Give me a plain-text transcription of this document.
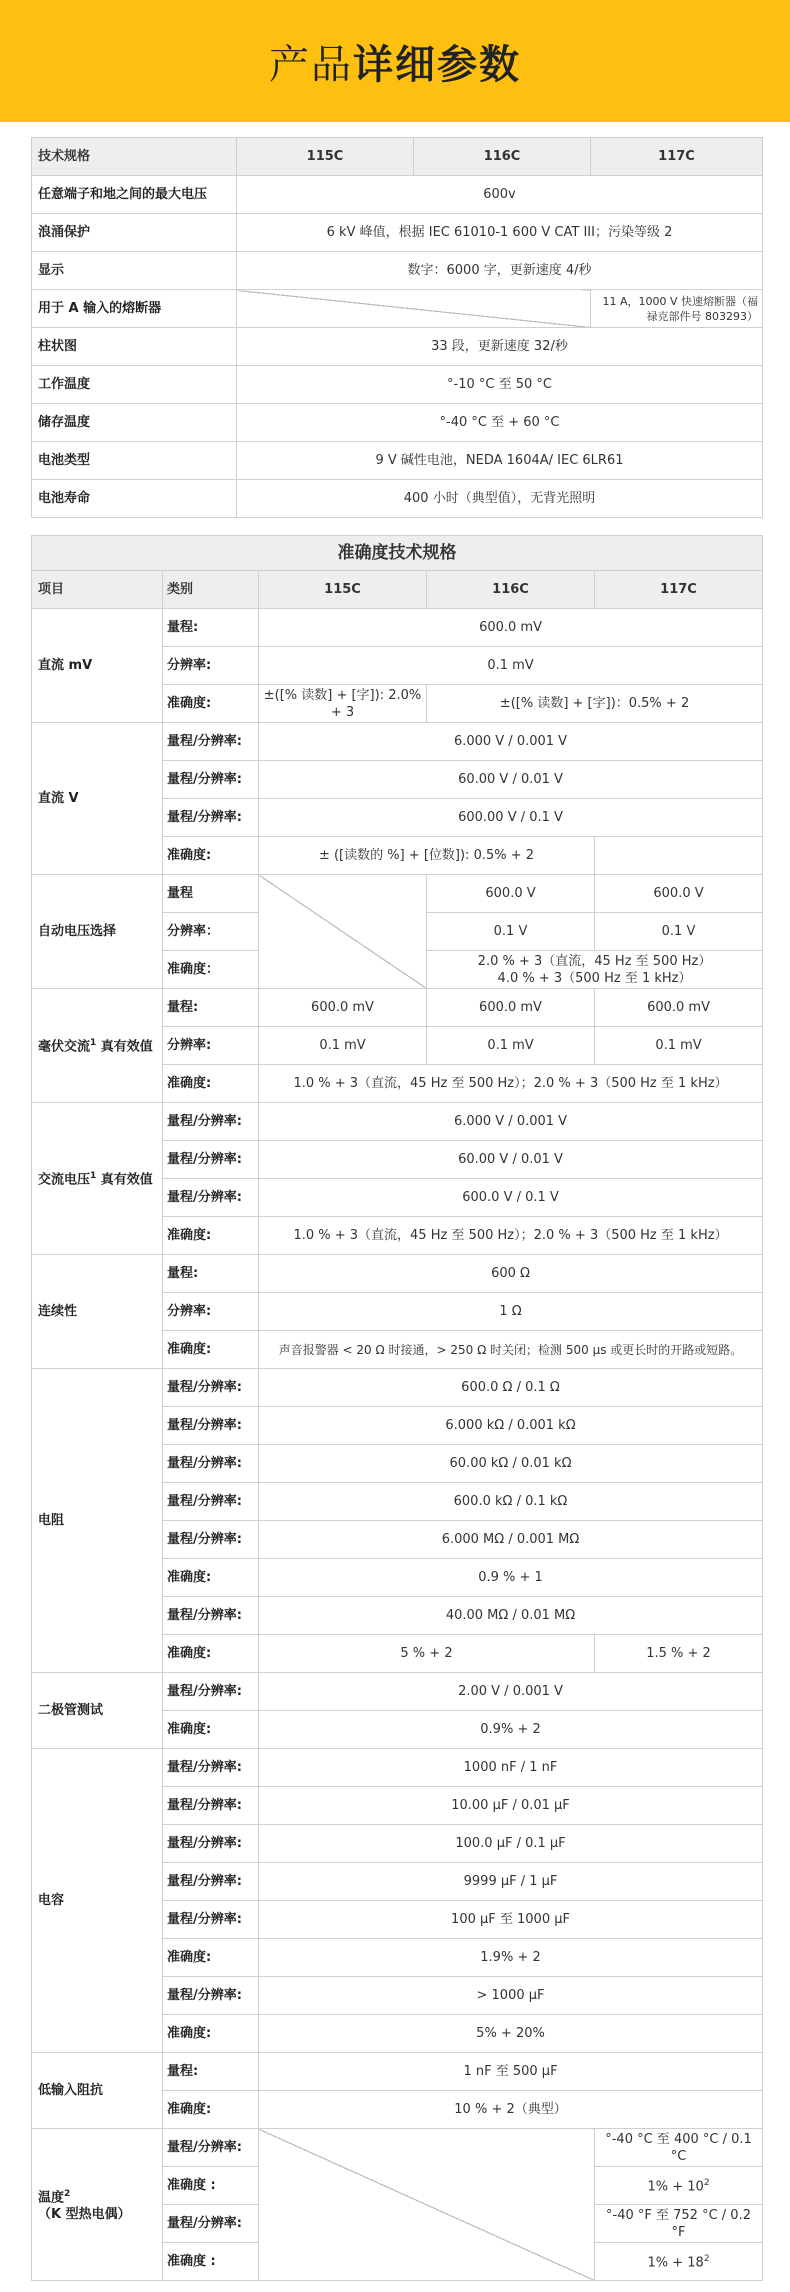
产品详细参数
技术规格	115C	116C	117C
任意端子和地之间的最大电压	600v		
浪涌保护	6 kV 峰值，根据 IEC 61010-1 600 V CAT III；污染等级 2		
显示	数字：6000 字，更新速度 4/秒		
用于 A 输入的熔断器			11 A，1000 V 快速熔断器（福禄克部件号 803293）
柱状图	33 段，更新速度 32/秒		
工作温度	°-10 °C 至 50 °C		
储存温度	°-40 °C 至 + 60 °C		
电池类型	9 V 碱性电池，NEDA 1604A/ IEC 6LR61		
电池寿命	400 小时（典型值），无背光照明		
准确度技术规格				
项目	类别	115C	116C	117C
直流 mV	量程:	600.0 mV		
	分辨率:	0.1 mV		
	准确度:	±([% 读数] + [字]): 2.0% + 3	±([% 读数] + [字])：0.5% + 2	
直流 V	量程/分辨率:	6.000 V / 0.001 V		
	量程/分辨率:	60.00 V / 0.01 V		
	量程/分辨率:	600.00 V / 0.1 V		
	准确度:	± ([读数的 %] + [位数]): 0.5% + 2		
自动电压选择	量程		600.0 V	600.0 V
	分辨率：		0.1 V	0.1 V
	准确度：		2.0 % + 3（直流，45 Hz 至 500 Hz）
4.0 % + 3（500 Hz 至 1 kHz）	

毫伏交流$^1$ 真有效值	量程:	600.0 mV	600.0 mV	600.0 mV
	分辨率:	0.1 mV	0.1 mV	0.1 mV
	准确度:	1.0 % + 3（直流，45 Hz 至 500 Hz）；2.0 % + 3（500 Hz 至 1 kHz）		
交流电压$^1$ 真有效值	量程/分辨率:	6.000 V / 0.001 V		
	量程/分辨率:	60.00 V / 0.01 V		
	量程/分辨率:	600.0 V / 0.1 V		
	准确度:	1.0 % + 3（直流，45 Hz 至 500 Hz）；2.0 % + 3（500 Hz 至 1 kHz）		
连续性	量程:	600 Ω		
	分辨率:	1 Ω		
	准确度:	声音报警器 < 20 Ω 时接通，> 250 Ω 时关闭；检测 500 µs 或更长时的开路或短路。		
电阻	量程/分辨率:	600.0 Ω / 0.1 Ω		
	量程/分辨率:	6.000 kΩ / 0.001 kΩ		
	量程/分辨率:	60.00 kΩ / 0.01 kΩ		
	量程/分辨率:	600.0 kΩ / 0.1 kΩ		
	量程/分辨率:	6.000 MΩ / 0.001 MΩ		
	准确度:	0.9 % + 1		
	量程/分辨率:	40.00 MΩ / 0.01 MΩ		
	准确度:	5 % + 2		1.5 % + 2
二极管测试	量程/分辨率:	2.00 V / 0.001 V		
	准确度:	0.9% + 2		
电容	量程/分辨率:	1000 nF / 1 nF		
	量程/分辨率:	10.00 µF / 0.01 µF		
	量程/分辨率:	100.0 µF / 0.1 µF		
	量程/分辨率:	9999 µF / 1 µF		
	量程/分辨率:	100 µF 至 1000 µF		
	准确度:	1.9% + 2		
	量程/分辨率:	> 1000 µF		
	准确度:	5% + 20%		
低输入阻抗	量程:	1 nF 至 500 µF		
	准确度:	10 % + 2（典型）		
温度$^2$（K 型热电偶）	量程/分辨率:			°-40 °C 至 400 °C / 0.1 °C
	准确度 :			$1\% + 10^2$
	量程/分辨率:			°-40 °F 至 752 °C / 0.2 °F
	准确度 :			$1\% + 18^2$
